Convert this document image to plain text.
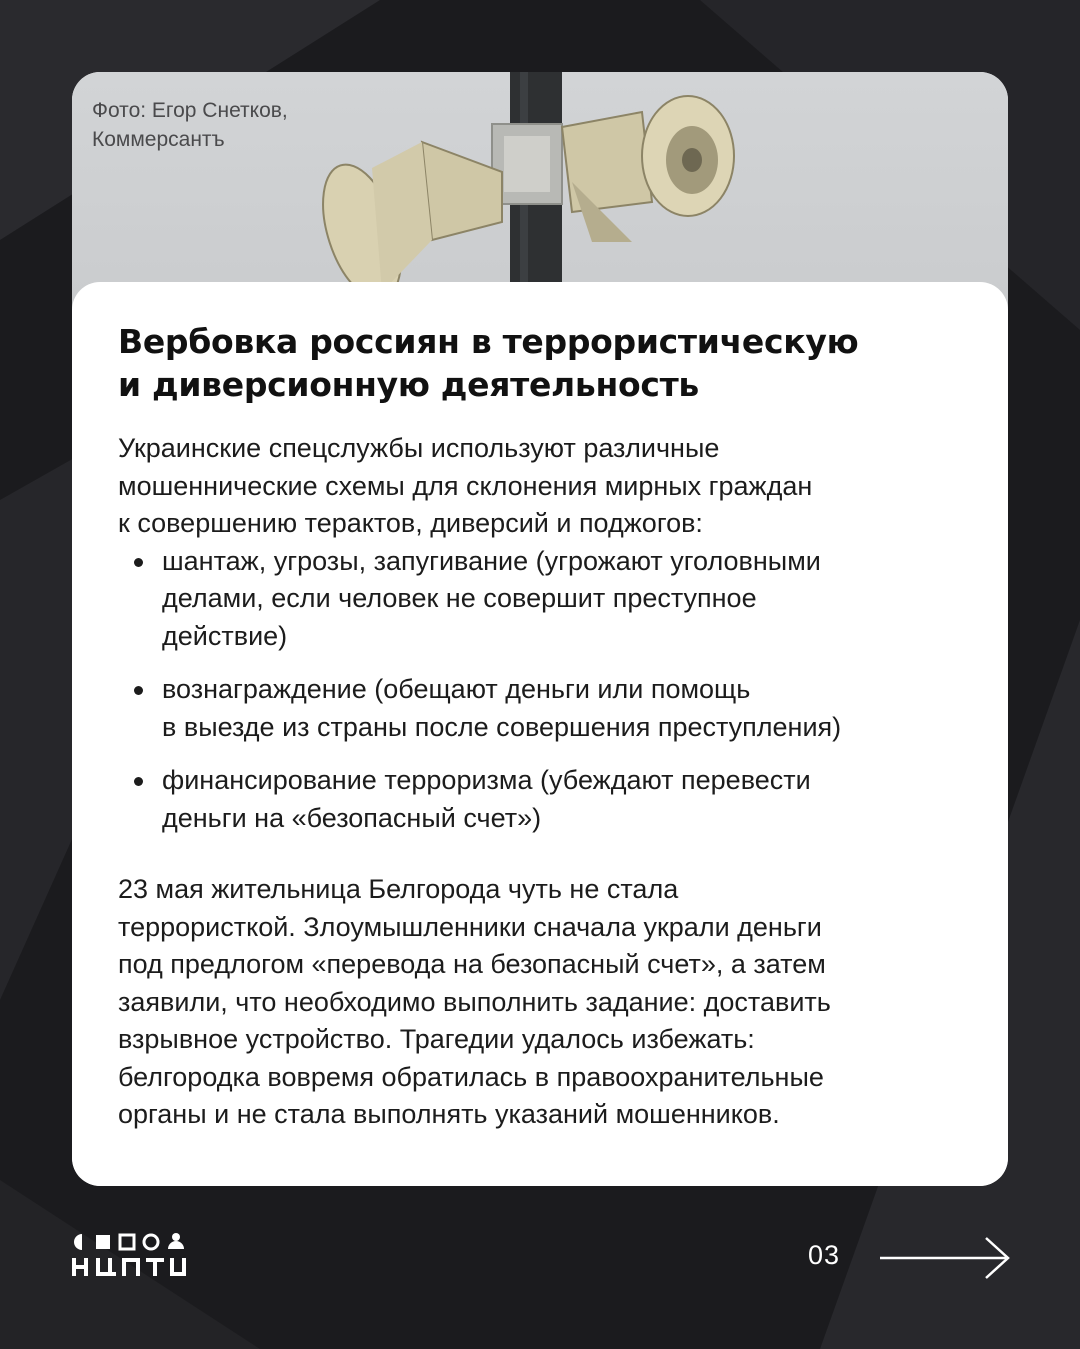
Фото: Егор Снетков,
Коммерсантъ
Вербовка россиян в террористическую
и диверсионную деятельность

Украинские спецслужбы используют различные
мошеннические схемы для склонения мирных граждан
к совершению терактов, диверсий и поджогов:

шантаж, угрозы, запугивание (угрожают уголовными
делами, если человек не совершит преступное
действие)
вознаграждение (обещают деньги или помощь
в выезде из страны после совершения преступления)
финансирование терроризма (убеждают перевести
деньги на «безопасный счет»)

23 мая жительница Белгорода чуть не стала
террористкой. Злоумышленники сначала украли деньги
под предлогом «перевода на безопасный счет», а затем
заявили, что необходимо выполнить задание: доставить
взрывное устройство. Трагедии удалось избежать:
белгородка вовремя обратилась в правоохранительные
органы и не стала выполнять указаний мошенников.

03
